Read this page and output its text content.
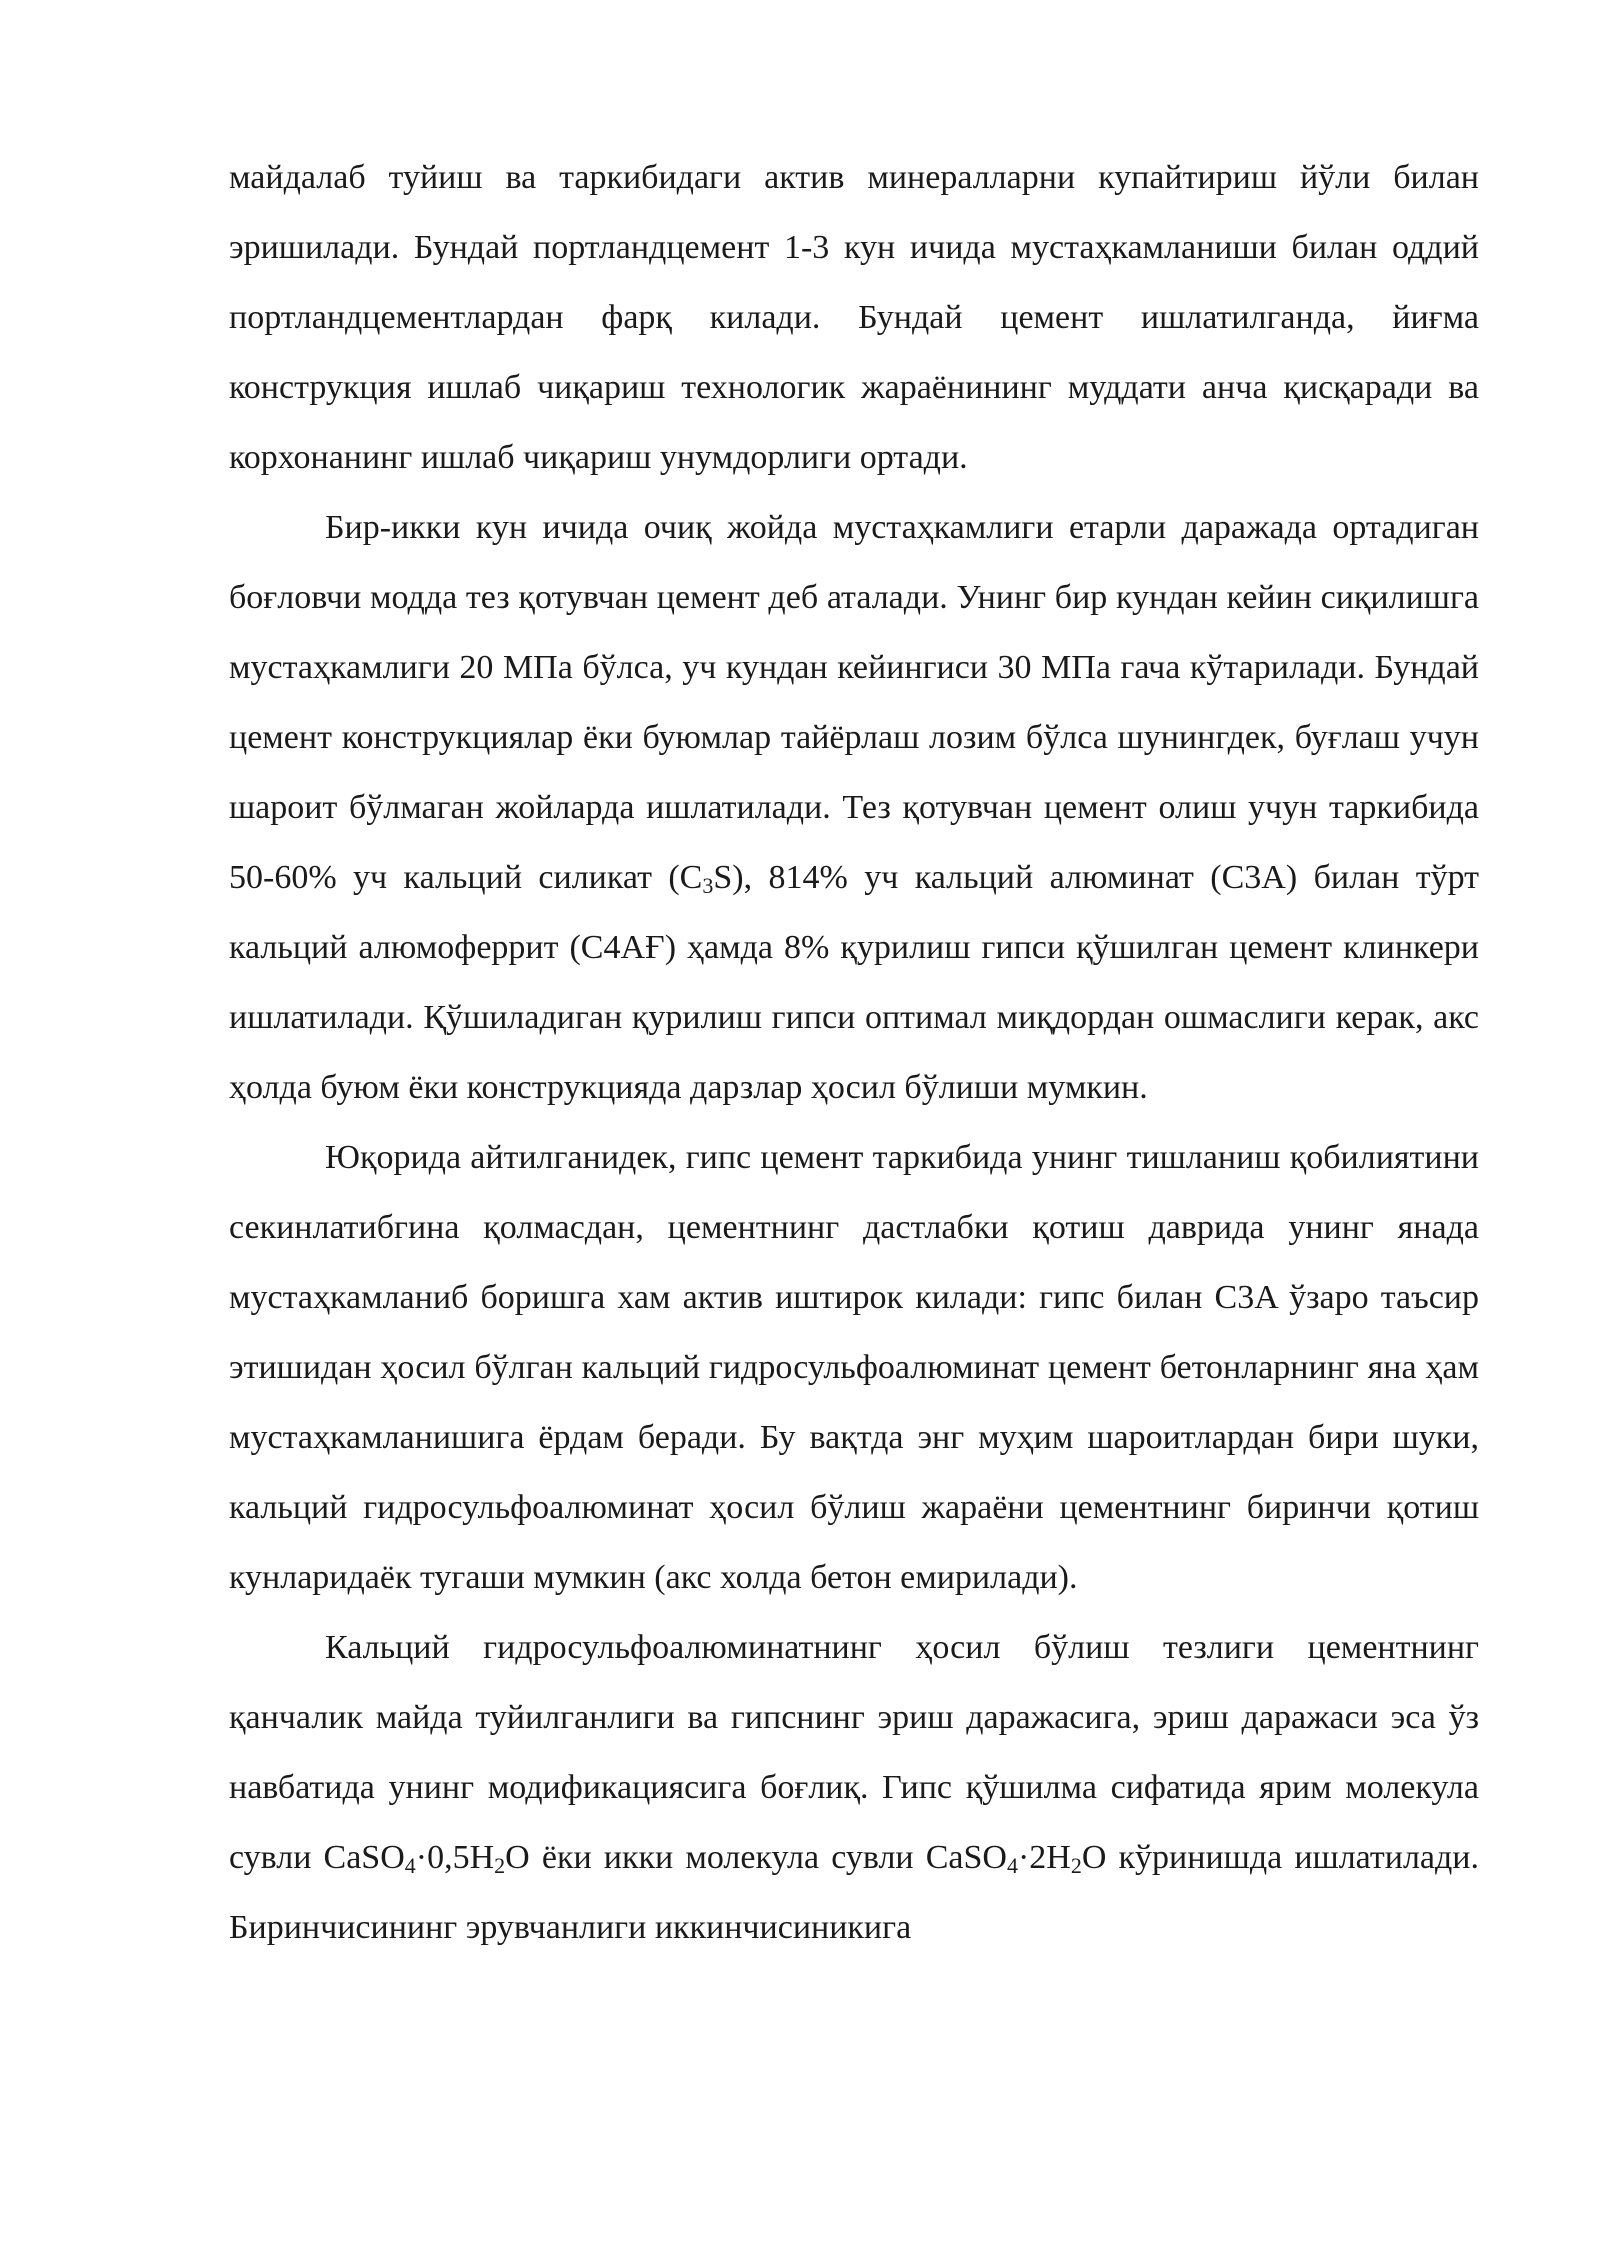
майдалаб туйиш ва таркибидаги актив минералларни купайтириш йўли билан эришилади. Бундай портландцемент 1-3 кун ичида мустаҳкамланиши билан оддий портландцементлардан фарқ килади. Бундай цемент ишлатилганда, йиғма конструкция ишлаб чиқариш технологик жараёнининг муддати анча қисқаради ва корхонанинг ишлаб чиқариш унумдорлиги ортади.

Бир-икки кун ичида очиқ жойда мустаҳкамлиги етарли даражада ортадиган боғловчи модда тез қотувчан цемент деб аталади. Унинг бир кундан кейин сиқилишга мустаҳкамлиги 20 МПа бўлса, уч кундан кейингиси 30 МПа гача кўтарилади. Бундай цемент конструкциялар ёки буюмлар тайёрлаш лозим бўлса шунингдек, буғлаш учун шароит бўлмаган жойларда ишлатилади. Тез қотувчан цемент олиш учун таркибида 50-60% уч кальций силикат $(C_3S)$, 814% уч кальций алюминат (C3A) билан тўрт кальций алюмоферрит (C4AҒ) ҳамда 8% қурилиш гипси қўшилган цемент клинкери ишлатилади. Қўшиладиган қурилиш гипси оптимал миқдордан ошмаслиги керак, акс ҳолда буюм ёки конструкцияда дарзлар ҳосил бўлиши мумкин.

Юқорида айтилганидек, гипс цемент таркибида унинг тишланиш қобилиятини секинлатибгина қолмасдан, цементнинг дастлабки қотиш даврида унинг янада мустаҳкамланиб боришга хам актив иштирок килади: гипс билан C3A ўзаро таъсир этишидан ҳосил бўлган кальций гидросульфоалюминат цемент бетонларнинг яна ҳам мустаҳкамланишига ёрдам беради. Бу вақтда энг муҳим шароитлардан бири шуки, кальций гидросульфоалюминат ҳосил бўлиш жараёни цементнинг биринчи қотиш кунларидаёк тугаши мумкин (акс холда бетон емирилади).

Кальций гидросульфоалюминатнинг ҳосил бўлиш тезлиги цементнинг қанчалик майда туйилганлиги ва гипснинг эриш даражасига, эриш даражаси эса ўз навбатида унинг модификациясига боғлиқ. Гипс қўшилма сифатида ярим молекула сувли $CaSO_4\cdot 0,5H_2O$ ёки икки молекула сувли $CaSO_4\cdot 2H_2O$ кўринишда ишлатилади. Биринчисининг эрувчанлиги иккинчисиникига
